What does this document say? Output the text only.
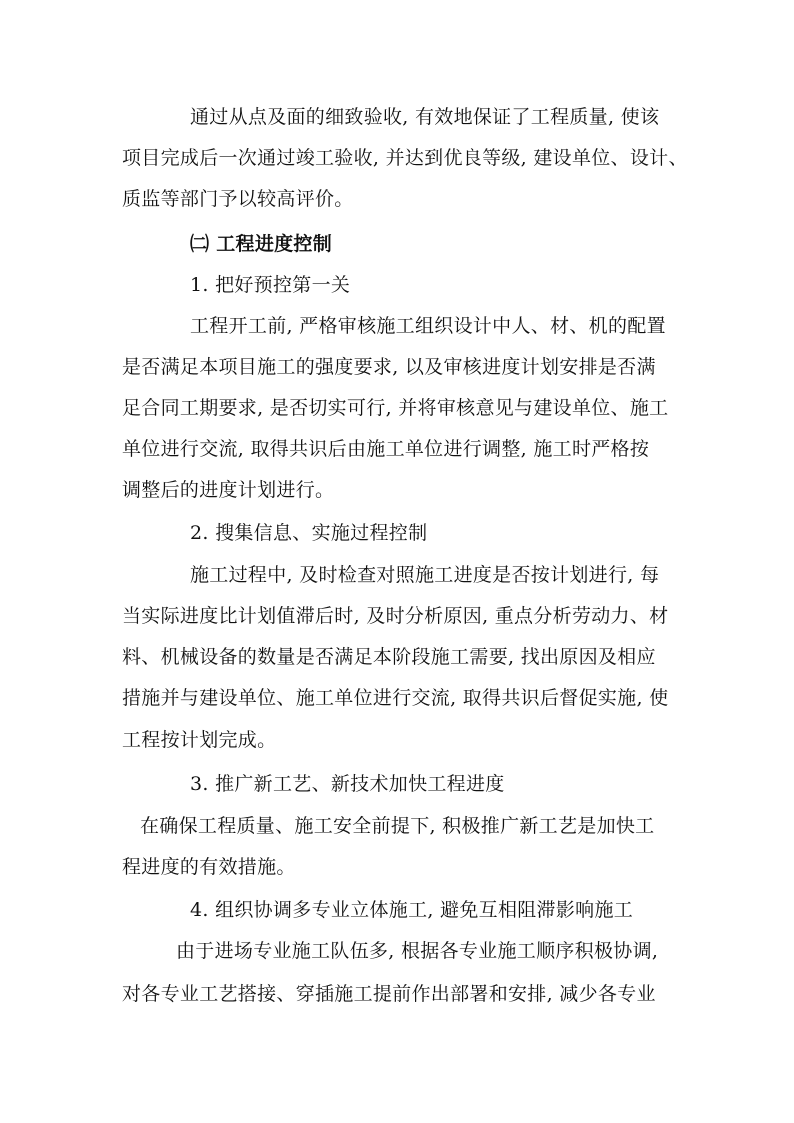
通过从点及面的细致验收, 有效地保证了工程质量, 使该
项目完成后一次通过竣工验收, 并达到优良等级, 建设单位、设计、
质监等部门予以较高评价。
㈡ 工程进度控制
1. 把好预控第一关
工程开工前, 严格审核施工组织设计中人、材、机的配置
是否满足本项目施工的强度要求, 以及审核进度计划安排是否满
足合同工期要求, 是否切实可行, 并将审核意见与建设单位、施工
单位进行交流, 取得共识后由施工单位进行调整, 施工时严格按
调整后的进度计划进行。
2. 搜集信息、实施过程控制
施工过程中, 及时检查对照施工进度是否按计划进行, 每
当实际进度比计划值滞后时, 及时分析原因, 重点分析劳动力、材
料、机械设备的数量是否满足本阶段施工需要, 找出原因及相应
措施并与建设单位、施工单位进行交流, 取得共识后督促实施, 使
工程按计划完成。
3. 推广新工艺、新技术加快工程进度
在确保工程质量、施工安全前提下, 积极推广新工艺是加快工
程进度的有效措施。
4. 组织协调多专业立体施工, 避免互相阻滞影响施工
由于进场专业施工队伍多, 根据各专业施工顺序积极协调,
对各专业工艺搭接、穿插施工提前作出部署和安排, 减少各专业
